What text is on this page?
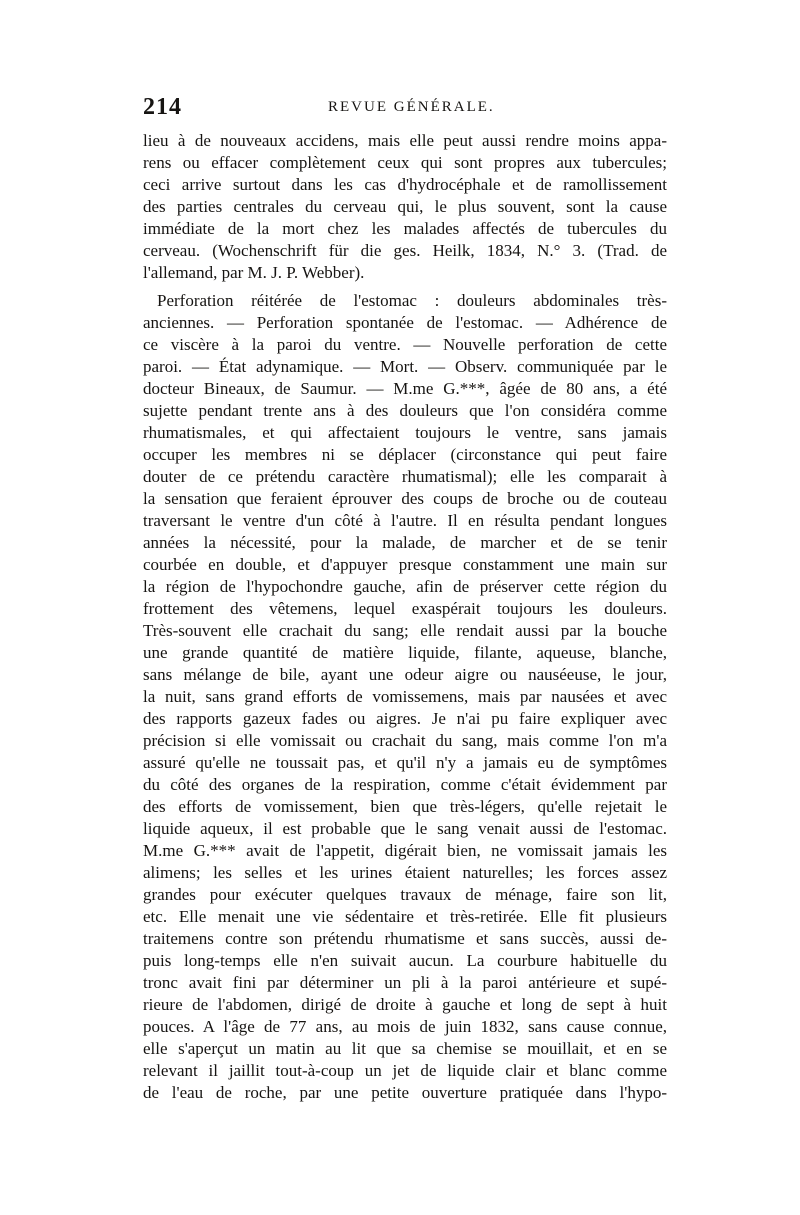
214	REVUE GÉNÉRALE.
lieu à de nouveaux accidens, mais elle peut aussi rendre moins appa-
rens ou effacer complètement ceux qui sont propres aux tubercules;
ceci arrive surtout dans les cas d'hydrocéphale et de ramollissement
des parties centrales du cerveau qui, le plus souvent, sont la cause
immédiate de la mort chez les malades affectés de tubercules du
cerveau. (Wochenschrift für die ges. Heilk, 1834, N.° 3. (Trad. de
l'allemand, par M. J. P. Webber).
Perforation réitérée de l'estomac : douleurs abdominales très-
anciennes. — Perforation spontanée de l'estomac. — Adhérence de
ce viscère à la paroi du ventre. — Nouvelle perforation de cette
paroi. — État adynamique. — Mort. — Observ. communiquée par le
docteur Bineaux, de Saumur. — M.me G.***, âgée de 80 ans, a été
sujette pendant trente ans à des douleurs que l'on considéra comme
rhumatismales, et qui affectaient toujours le ventre, sans jamais
occuper les membres ni se déplacer (circonstance qui peut faire
douter de ce prétendu caractère rhumatismal); elle les comparait à
la sensation que feraient éprouver des coups de broche ou de couteau
traversant le ventre d'un côté à l'autre. Il en résulta pendant longues
années la nécessité, pour la malade, de marcher et de se tenir
courbée en double, et d'appuyer presque constamment une main sur
la région de l'hypochondre gauche, afin de préserver cette région du
frottement des vêtemens, lequel exaspérait toujours les douleurs.
Très-souvent elle crachait du sang; elle rendait aussi par la bouche
une grande quantité de matière liquide, filante, aqueuse, blanche,
sans mélange de bile, ayant une odeur aigre ou nauséeuse, le jour,
la nuit, sans grand efforts de vomissemens, mais par nausées et avec
des rapports gazeux fades ou aigres. Je n'ai pu faire expliquer avec
précision si elle vomissait ou crachait du sang, mais comme l'on m'a
assuré qu'elle ne toussait pas, et qu'il n'y a jamais eu de symptômes
du côté des organes de la respiration, comme c'était évidemment par
des efforts de vomissement, bien que très-légers, qu'elle rejetait le
liquide aqueux, il est probable que le sang venait aussi de l'estomac.
M.me G.*** avait de l'appetit, digérait bien, ne vomissait jamais les
alimens; les selles et les urines étaient naturelles; les forces assez
grandes pour exécuter quelques travaux de ménage, faire son lit,
etc. Elle menait une vie sédentaire et très-retirée. Elle fit plusieurs
traitemens contre son prétendu rhumatisme et sans succès, aussi de-
puis long-temps elle n'en suivait aucun. La courbure habituelle du
tronc avait fini par déterminer un pli à la paroi antérieure et supé-
rieure de l'abdomen, dirigé de droite à gauche et long de sept à huit
pouces. A l'âge de 77 ans, au mois de juin 1832, sans cause connue,
elle s'aperçut un matin au lit que sa chemise se mouillait, et en se
relevant il jaillit tout-à-coup un jet de liquide clair et blanc comme
de l'eau de roche, par une petite ouverture pratiquée dans l'hypo-
